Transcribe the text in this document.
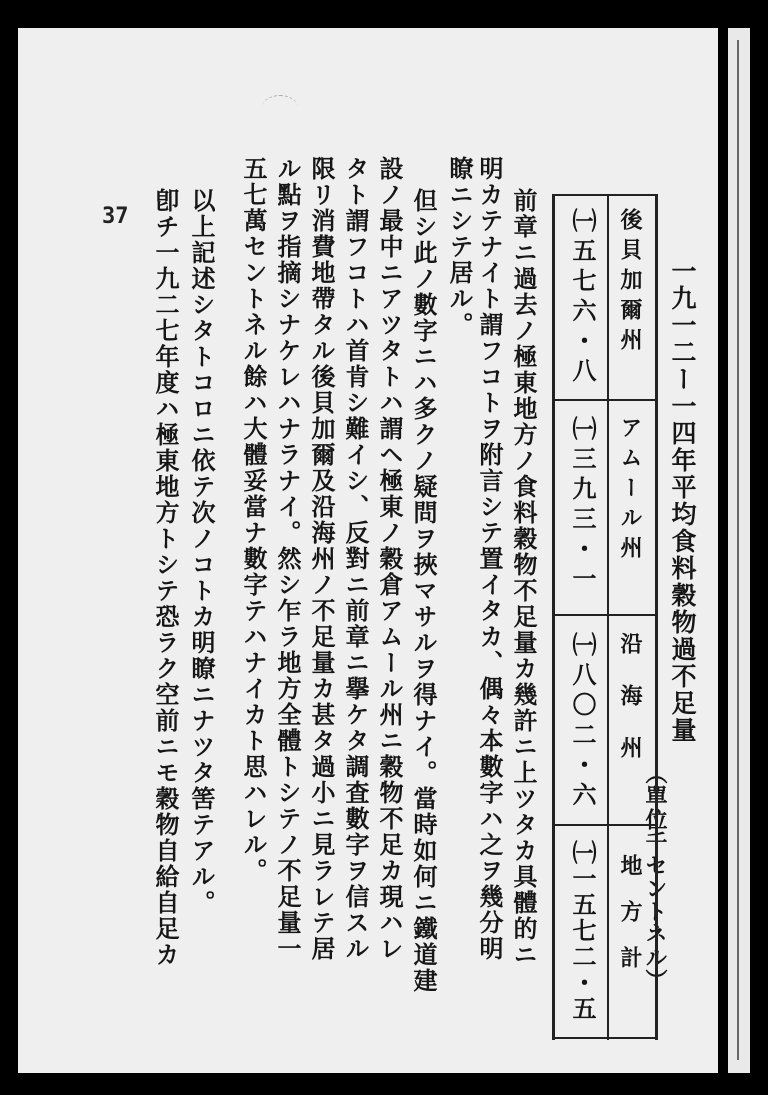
一九一二ー一四年平均食料穀物過不足量
（單位千セントネル）
後貝加爾州
㈠五七六・八
アムール州
㈠三九三・一
沿海州
㈠八〇二・六
地方計
㈠一五七二・五
前章ニ過去ノ極東地方ノ食料穀物不足量カ幾許ニ上ツタカ具體的ニ
明カテナイト謂フコトヲ附言シテ置イタカ、偶々本數字ハ之ヲ幾分明
瞭ニシテ居ル。
但シ此ノ數字ニハ多クノ疑問ヲ挾マサルヲ得ナイ。當時如何ニ鐵道建
設ノ最中ニアツタトハ謂ヘ極東ノ穀倉アムール州ニ穀物不足カ現ハレ
タト謂フコトハ首肯シ難イシ、反對ニ前章ニ擧ケタ調査數字ヲ信スル
限リ消費地帶タル後貝加爾及沿海州ノ不足量カ甚タ過小ニ見ラレテ居
ル點ヲ指摘シナケレハナラナイ。然シ乍ラ地方全體トシテノ不足量一
五七萬セントネル餘ハ大體妥當ナ數字テハナイカト思ハレル。
以上記述シタトコロニ依テ次ノコトカ明瞭ニナツタ筈テアル。
卽チ一九二七年度ハ極東地方トシテ恐ラク空前ニモ穀物自給自足カ
37
